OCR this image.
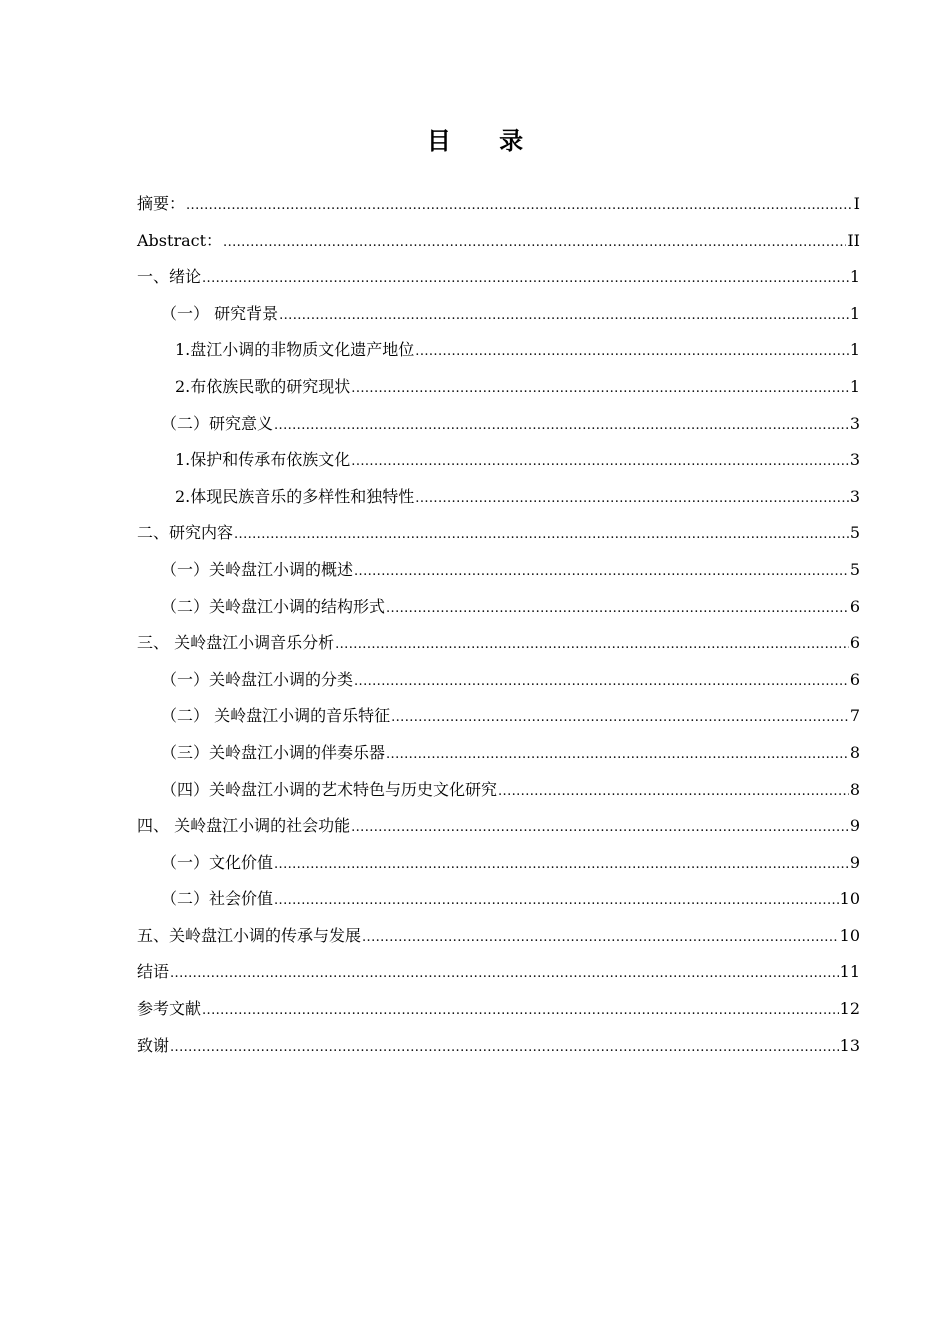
目 录
摘要： .....	I
Abstract： .....	II
一、绪论 .....	1
（一） 研究背景 .....	1
1.盘江小调的非物质文化遗产地位 .....	1
2.布依族民歌的研究现状 .....	1
（二）研究意义 .....	3
1.保护和传承布依族文化 .....	3
2.体现民族音乐的多样性和独特性 .....	3
二、研究内容 .....	5
（一）关岭盘江小调的概述 .....	5
（二）关岭盘江小调的结构形式 .....	6
三、 关岭盘江小调音乐分析 .....	6
（一）关岭盘江小调的分类 .....	6
（二） 关岭盘江小调的音乐特征 .....	7
（三）关岭盘江小调的伴奏乐器 .....	8
（四）关岭盘江小调的艺术特色与历史文化研究 .....	8
四、 关岭盘江小调的社会功能 .....	9
（一）文化价值 .....	9
（二）社会价值 .....	10
五、关岭盘江小调的传承与发展 .....	10
结语 .....	11
参考文献 .....	12
致谢 .....	13
